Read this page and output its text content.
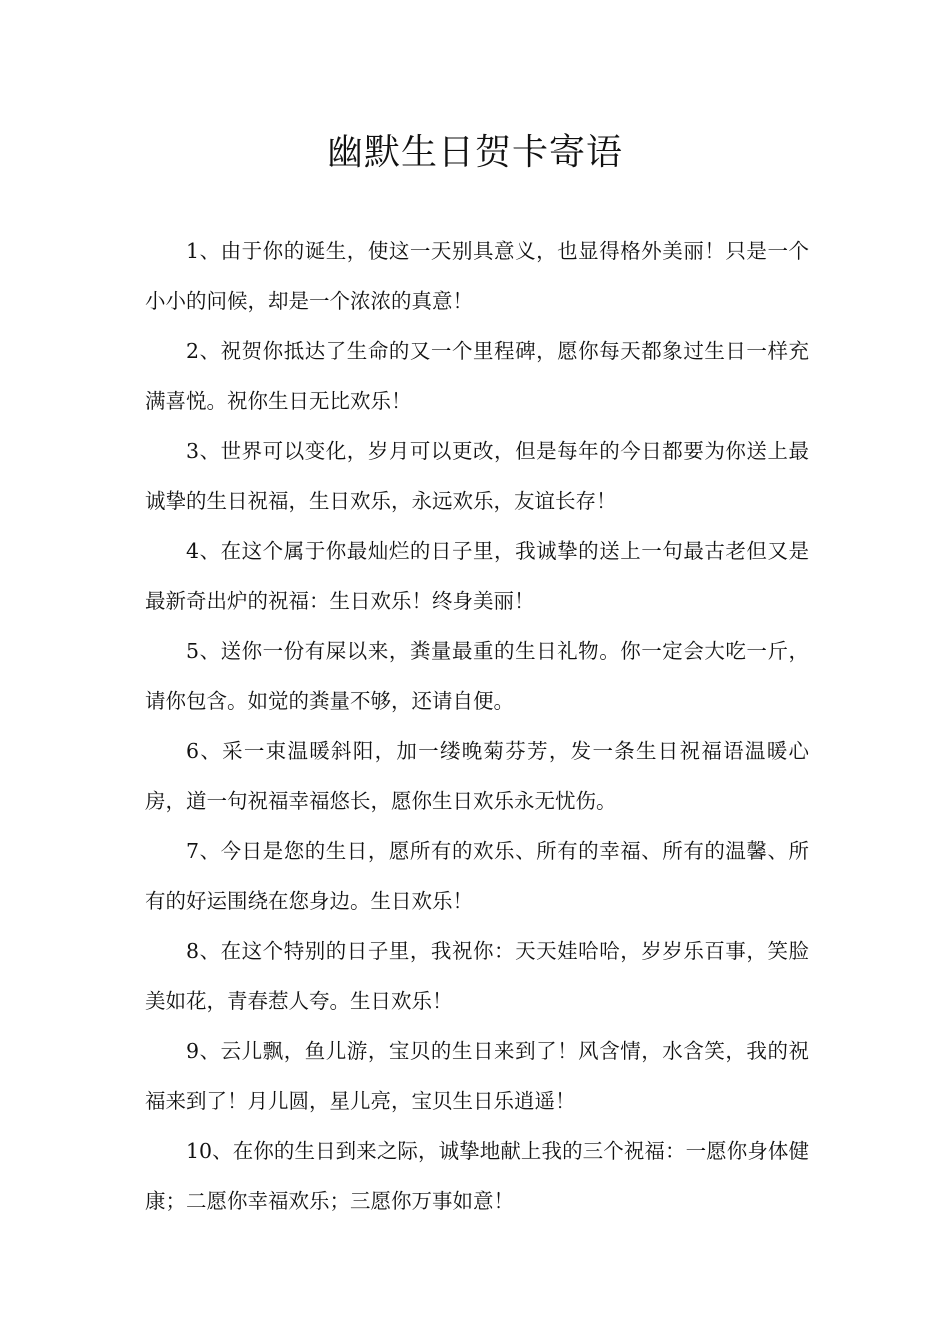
幽默生日贺卡寄语

1、由于你的诞生，使这一天别具意义，也显得格外美丽！只是一个小小的问候，却是一个浓浓的真意！

2、祝贺你抵达了生命的又一个里程碑，愿你每天都象过生日一样充满喜悦。祝你生日无比欢乐！

3、世界可以变化，岁月可以更改，但是每年的今日都要为你送上最诚挚的生日祝福，生日欢乐，永远欢乐，友谊长存！

4、在这个属于你最灿烂的日子里，我诚挚的送上一句最古老但又是最新奇出炉的祝福：生日欢乐！终身美丽！

5、送你一份有屎以来，粪量最重的生日礼物。你一定会大吃一斤，请你包含。如觉的粪量不够，还请自便。

6、采一束温暖斜阳，加一缕晚菊芬芳，发一条生日祝福语温暖心房，道一句祝福幸福悠长，愿你生日欢乐永无忧伤。

7、今日是您的生日，愿所有的欢乐、所有的幸福、所有的温馨、所有的好运围绕在您身边。生日欢乐！

8、在这个特别的日子里，我祝你：天天娃哈哈，岁岁乐百事，笑脸美如花，青春惹人夸。生日欢乐！

9、云儿飘，鱼儿游，宝贝的生日来到了！风含情，水含笑，我的祝福来到了！月儿圆，星儿亮，宝贝生日乐逍遥！

10、在你的生日到来之际，诚挚地献上我的三个祝福：一愿你身体健康；二愿你幸福欢乐；三愿你万事如意！
